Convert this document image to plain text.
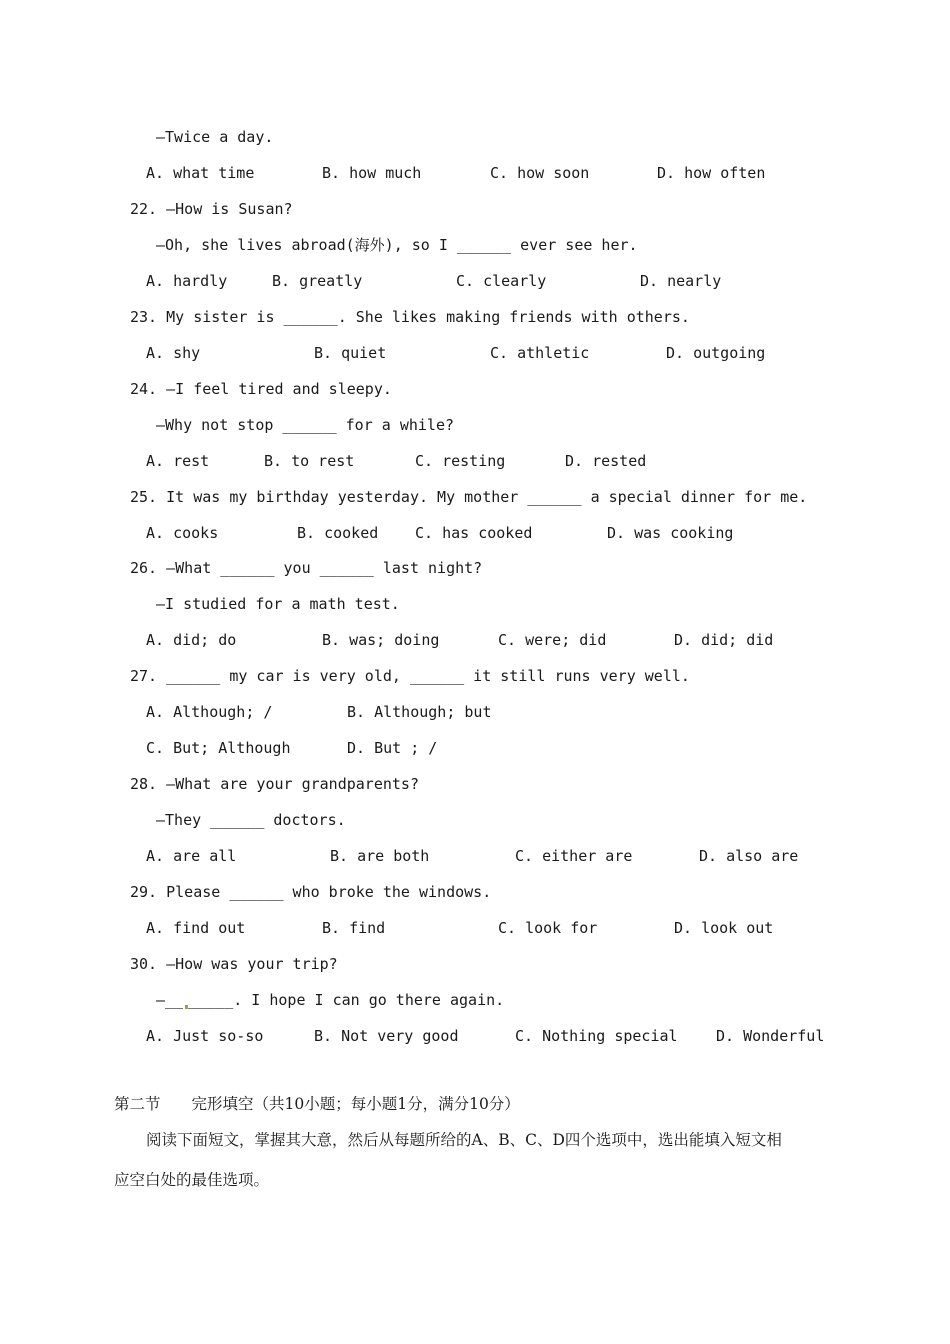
—Twice a day.
A. what time	B. how much	C. how soon	D. how often
22. —How is Susan?
—Oh, she lives abroad(海外), so I ______ ever see her.
A. hardly	B. greatly	C. clearly	D. nearly
23. My sister is ______. She likes making friends with others.
A. shy	B. quiet	C. athletic	D. outgoing
24. —I feel tired and sleepy.
—Why not stop ______ for a while?
A. rest	B. to rest	C. resting	D. rested
25. It was my birthday yesterday. My mother ______ a special dinner for me.
A. cooks	B. cooked C. has cooked	D. was cooking
26. —What ______ you ______ last night?
—I studied for a math test.
A. did; do	B. was; doing	C. were; did	D. did; did
27. ______ my car is very old, ______ it still runs very well.
A. Although; /	B. Although; but
C. But; Although	D. But ; /
28. —What are your grandparents?
—They ______ doctors.
A. are all	B. are both	C. either are	D. also are
29. Please ______ who broke the windows.
A. find out	B. find	C. look for	D. look out
30. —How was your trip?
—__ _____. I hope I can go there again.
A. Just so-so	B. Not very good	C. Nothing special	D. Wonderful
第二节　　完形填空（共10小题；每小题1分，满分10分）
阅读下面短文，掌握其大意，然后从每题所给的A、B、C、D四个选项中，选出能填入短文相
应空白处的最佳选项。
